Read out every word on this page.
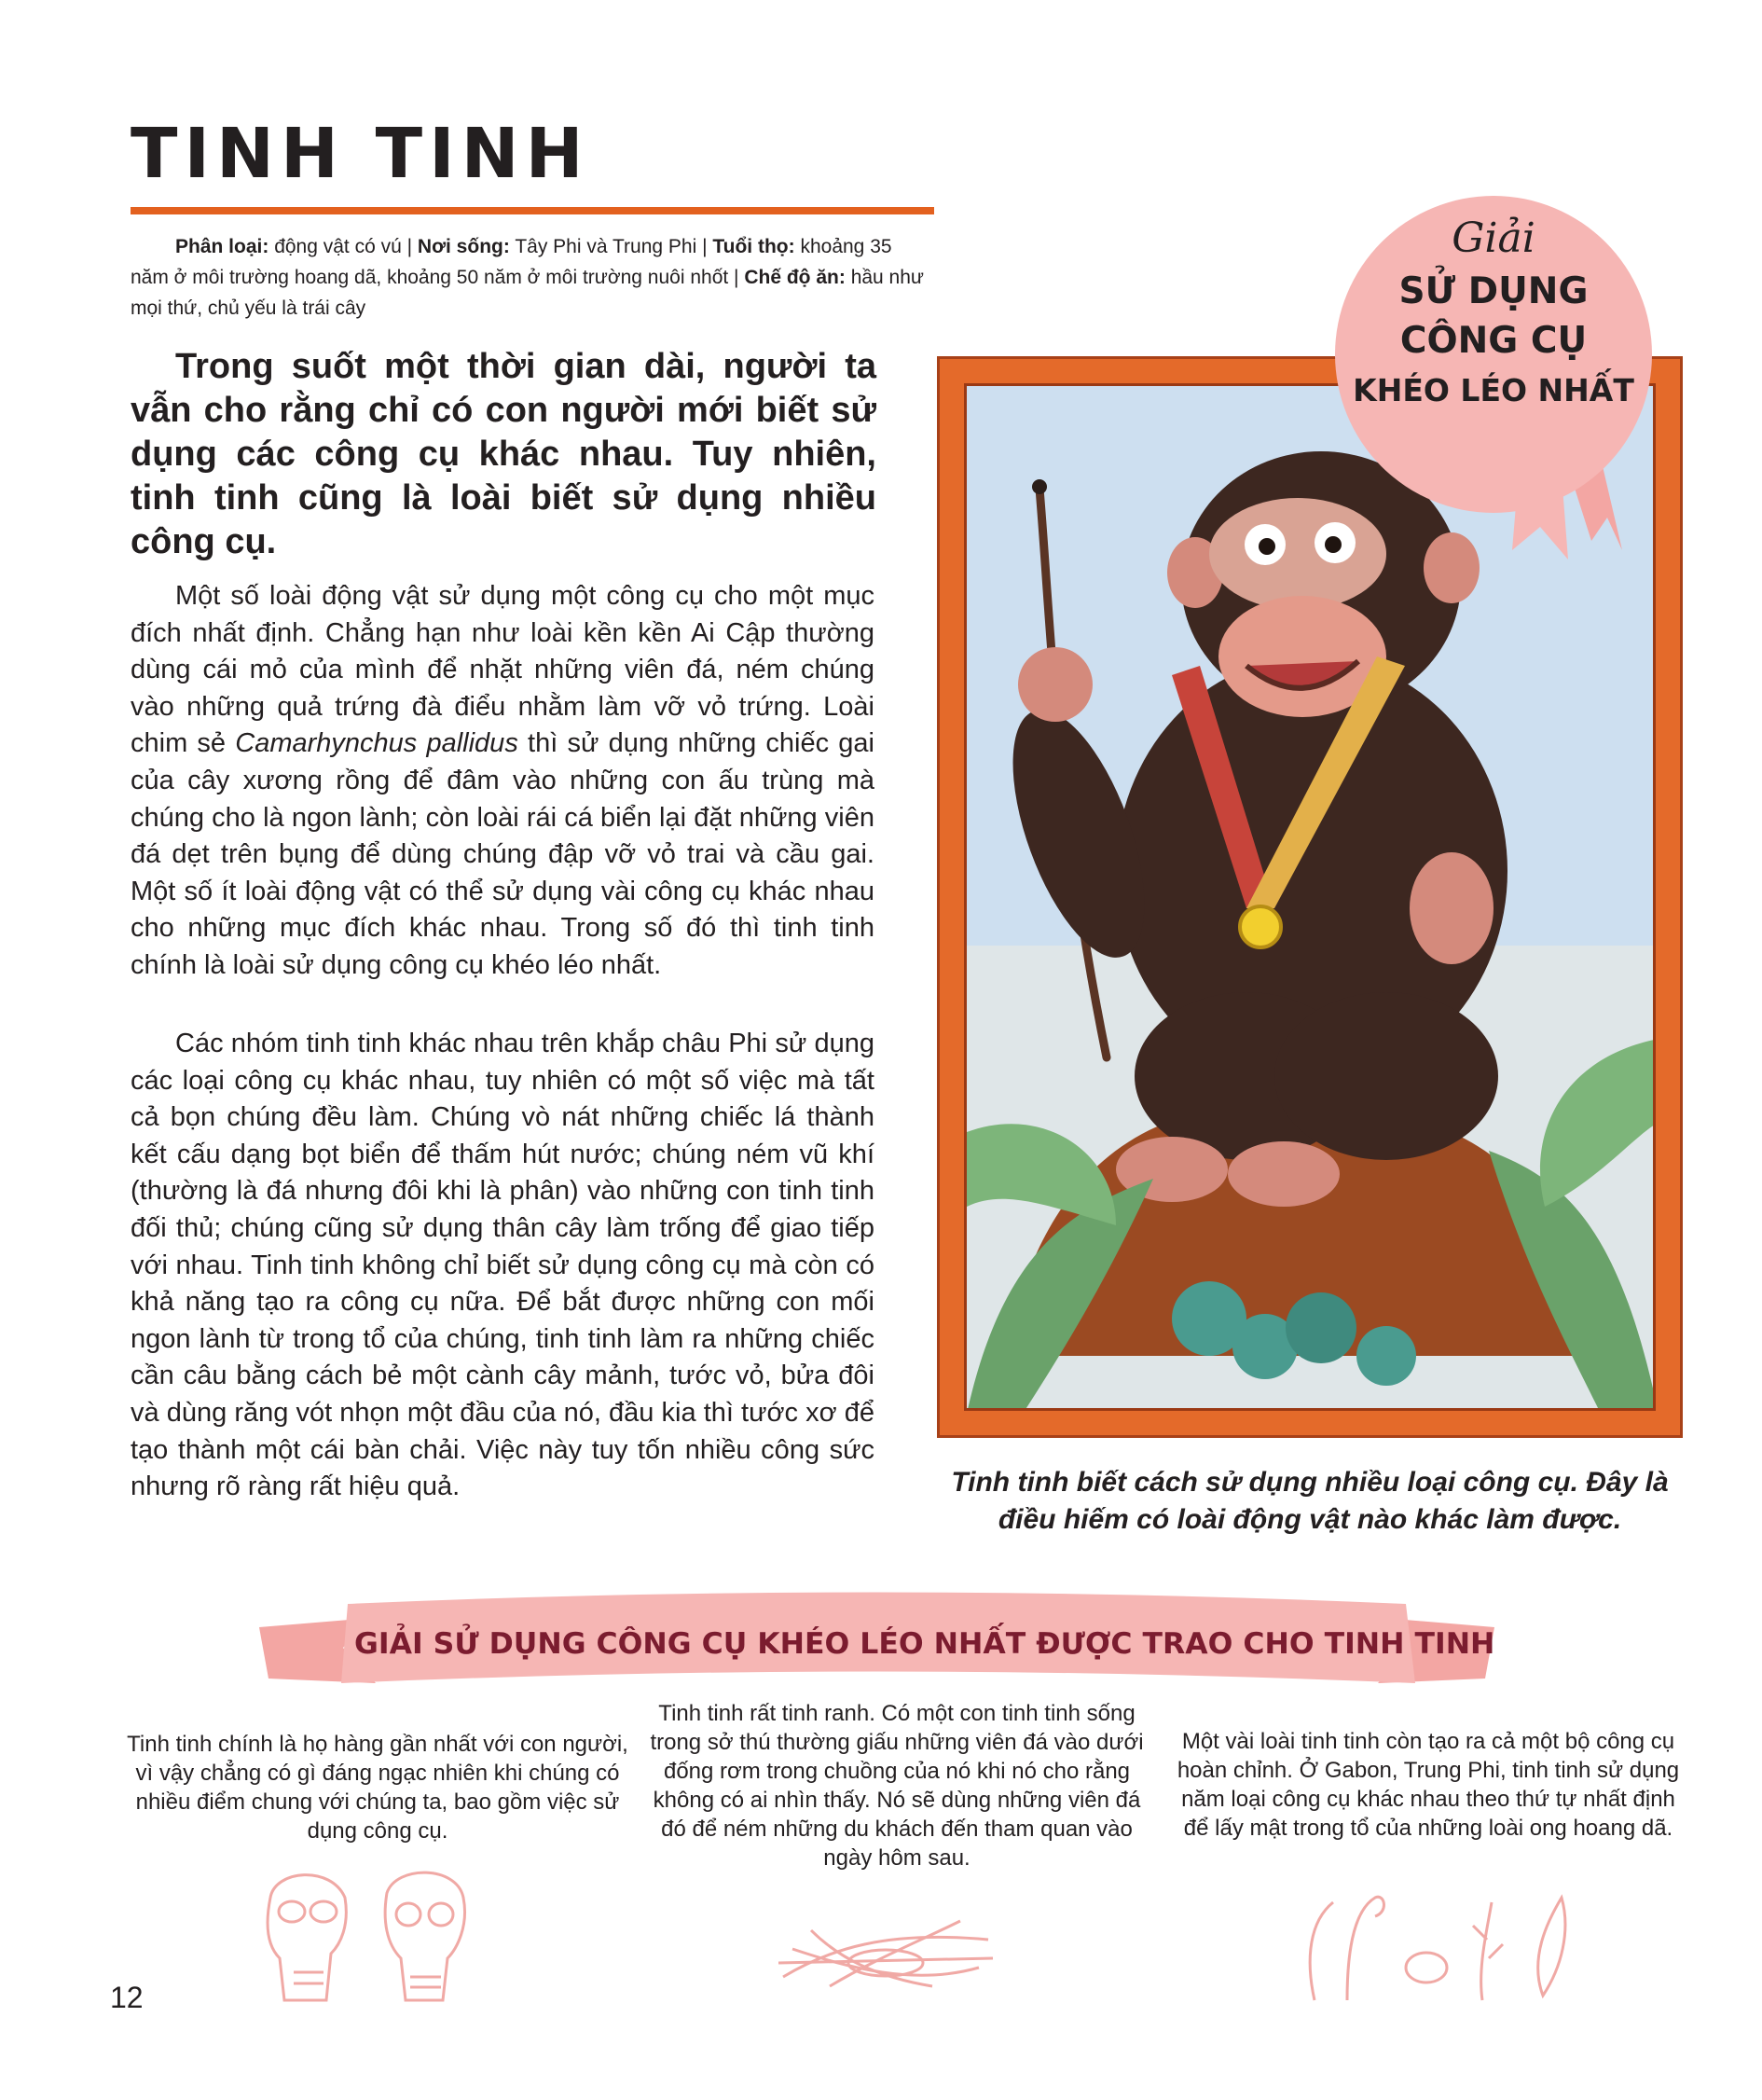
TINH TINH

Phân loại: động vật có vú | Nơi sống: Tây Phi và Trung Phi | Tuổi thọ: khoảng 35 năm ở môi trường hoang dã, khoảng 50 năm ở môi trường nuôi nhốt | Chế độ ăn: hầu như mọi thứ, chủ yếu là trái cây

Trong suốt một thời gian dài, người ta vẫn cho rằng chỉ có con người mới biết sử dụng các công cụ khác nhau. Tuy nhiên, tinh tinh cũng là loài biết sử dụng nhiều công cụ.

Một số loài động vật sử dụng một công cụ cho một mục đích nhất định. Chẳng hạn như loài kền kền Ai Cập thường dùng cái mỏ của mình để nhặt những viên đá, ném chúng vào những quả trứng đà điểu nhằm làm vỡ vỏ trứng. Loài chim sẻ Camarhynchus pallidus thì sử dụng những chiếc gai của cây xương rồng để đâm vào những con ấu trùng mà chúng cho là ngon lành; còn loài rái cá biển lại đặt những viên đá dẹt trên bụng để dùng chúng đập vỡ vỏ trai và cầu gai. Một số ít loài động vật có thể sử dụng vài công cụ khác nhau cho những mục đích khác nhau. Trong số đó thì tinh tinh chính là loài sử dụng công cụ khéo léo nhất.

Các nhóm tinh tinh khác nhau trên khắp châu Phi sử dụng các loại công cụ khác nhau, tuy nhiên có một số việc mà tất cả bọn chúng đều làm. Chúng vò nát những chiếc lá thành kết cấu dạng bọt biển để thấm hút nước; chúng ném vũ khí (thường là đá nhưng đôi khi là phân) vào những con tinh tinh đối thủ; chúng cũng sử dụng thân cây làm trống để giao tiếp với nhau. Tinh tinh không chỉ biết sử dụng công cụ mà còn có khả năng tạo ra công cụ nữa. Để bắt được những con mối ngon lành từ trong tổ của chúng, tinh tinh làm ra những chiếc cần câu bằng cách bẻ một cành cây mảnh, tước vỏ, bửa đôi và dùng răng vót nhọn một đầu của nó, đầu kia thì tước xơ để tạo thành một cái bàn chải. Việc này tuy tốn nhiều công sức nhưng rõ ràng rất hiệu quả.

Giải
SỬ DỤNG
CÔNG CỤ
KHÉO LÉO NHẤT

Tinh tinh biết cách sử dụng nhiều loại công cụ. Đây là điều hiếm có loài động vật nào khác làm được.

GIẢI SỬ DỤNG CÔNG CỤ KHÉO LÉO NHẤT ĐƯỢC TRAO CHO TINH TINH

Tinh tinh chính là họ hàng gần nhất với con người, vì vậy chẳng có gì đáng ngạc nhiên khi chúng có nhiều điểm chung với chúng ta, bao gồm việc sử dụng công cụ.

Tinh tinh rất tinh ranh. Có một con tinh tinh sống trong sở thú thường giấu những viên đá vào dưới đống rơm trong chuồng của nó khi nó cho rằng không có ai nhìn thấy. Nó sẽ dùng những viên đá đó để ném những du khách đến tham quan vào ngày hôm sau.

Một vài loài tinh tinh còn tạo ra cả một bộ công cụ hoàn chỉnh. Ở Gabon, Trung Phi, tinh tinh sử dụng năm loại công cụ khác nhau theo thứ tự nhất định để lấy mật trong tổ của những loài ong hoang dã.

12
